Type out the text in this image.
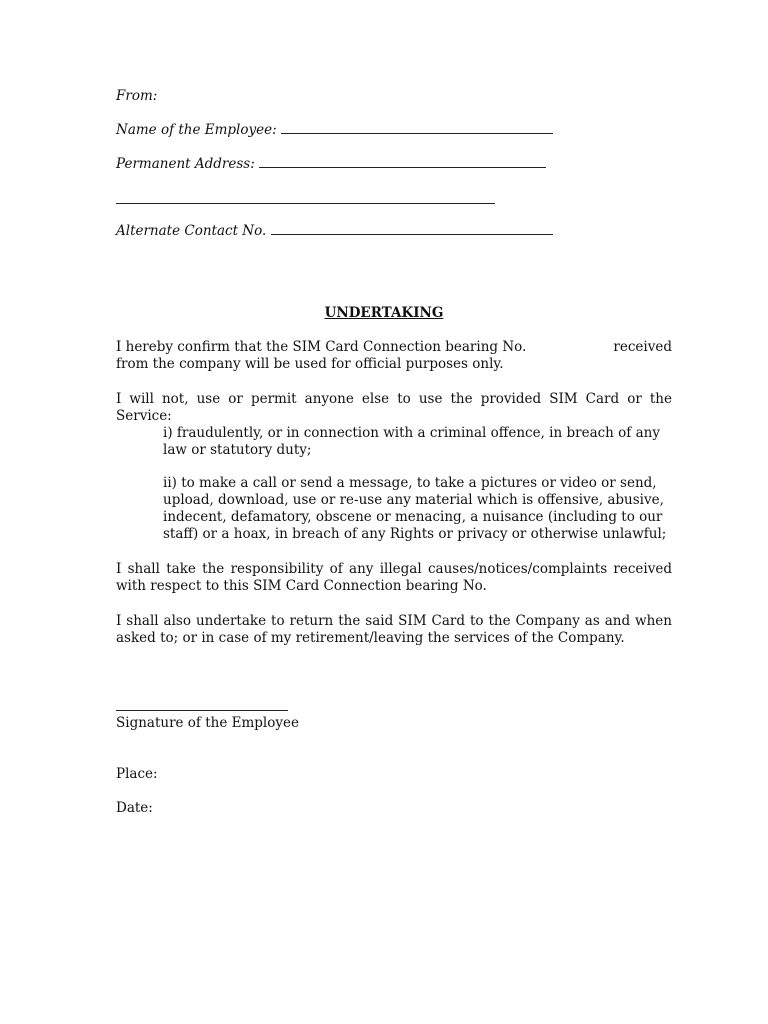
From:
Name of the Employee:
Permanent Address:
Alternate Contact No.
UNDERTAKING
I hereby confirm that the SIM Card Connection bearing No.	received
from the company will be used for official purposes only.
I will not, use or permit anyone else to use the provided SIM Card or the Service:
i) fraudulently, or in connection with a criminal offence, in breach of any law or statutory duty;
ii) to make a call or send a message, to take a pictures or video or send, upload, download, use or re-use any material which is offensive, abusive, indecent, defamatory, obscene or menacing, a nuisance (including to our staff) or a hoax, in breach of any Rights or privacy or otherwise unlawful;
I shall take the responsibility of any illegal causes/notices/complaints received with respect to this SIM Card Connection bearing No.
I shall also undertake to return the said SIM Card to the Company as and when asked to; or in case of my retirement/leaving the services of the Company.
Signature of the Employee
Place:
Date:
